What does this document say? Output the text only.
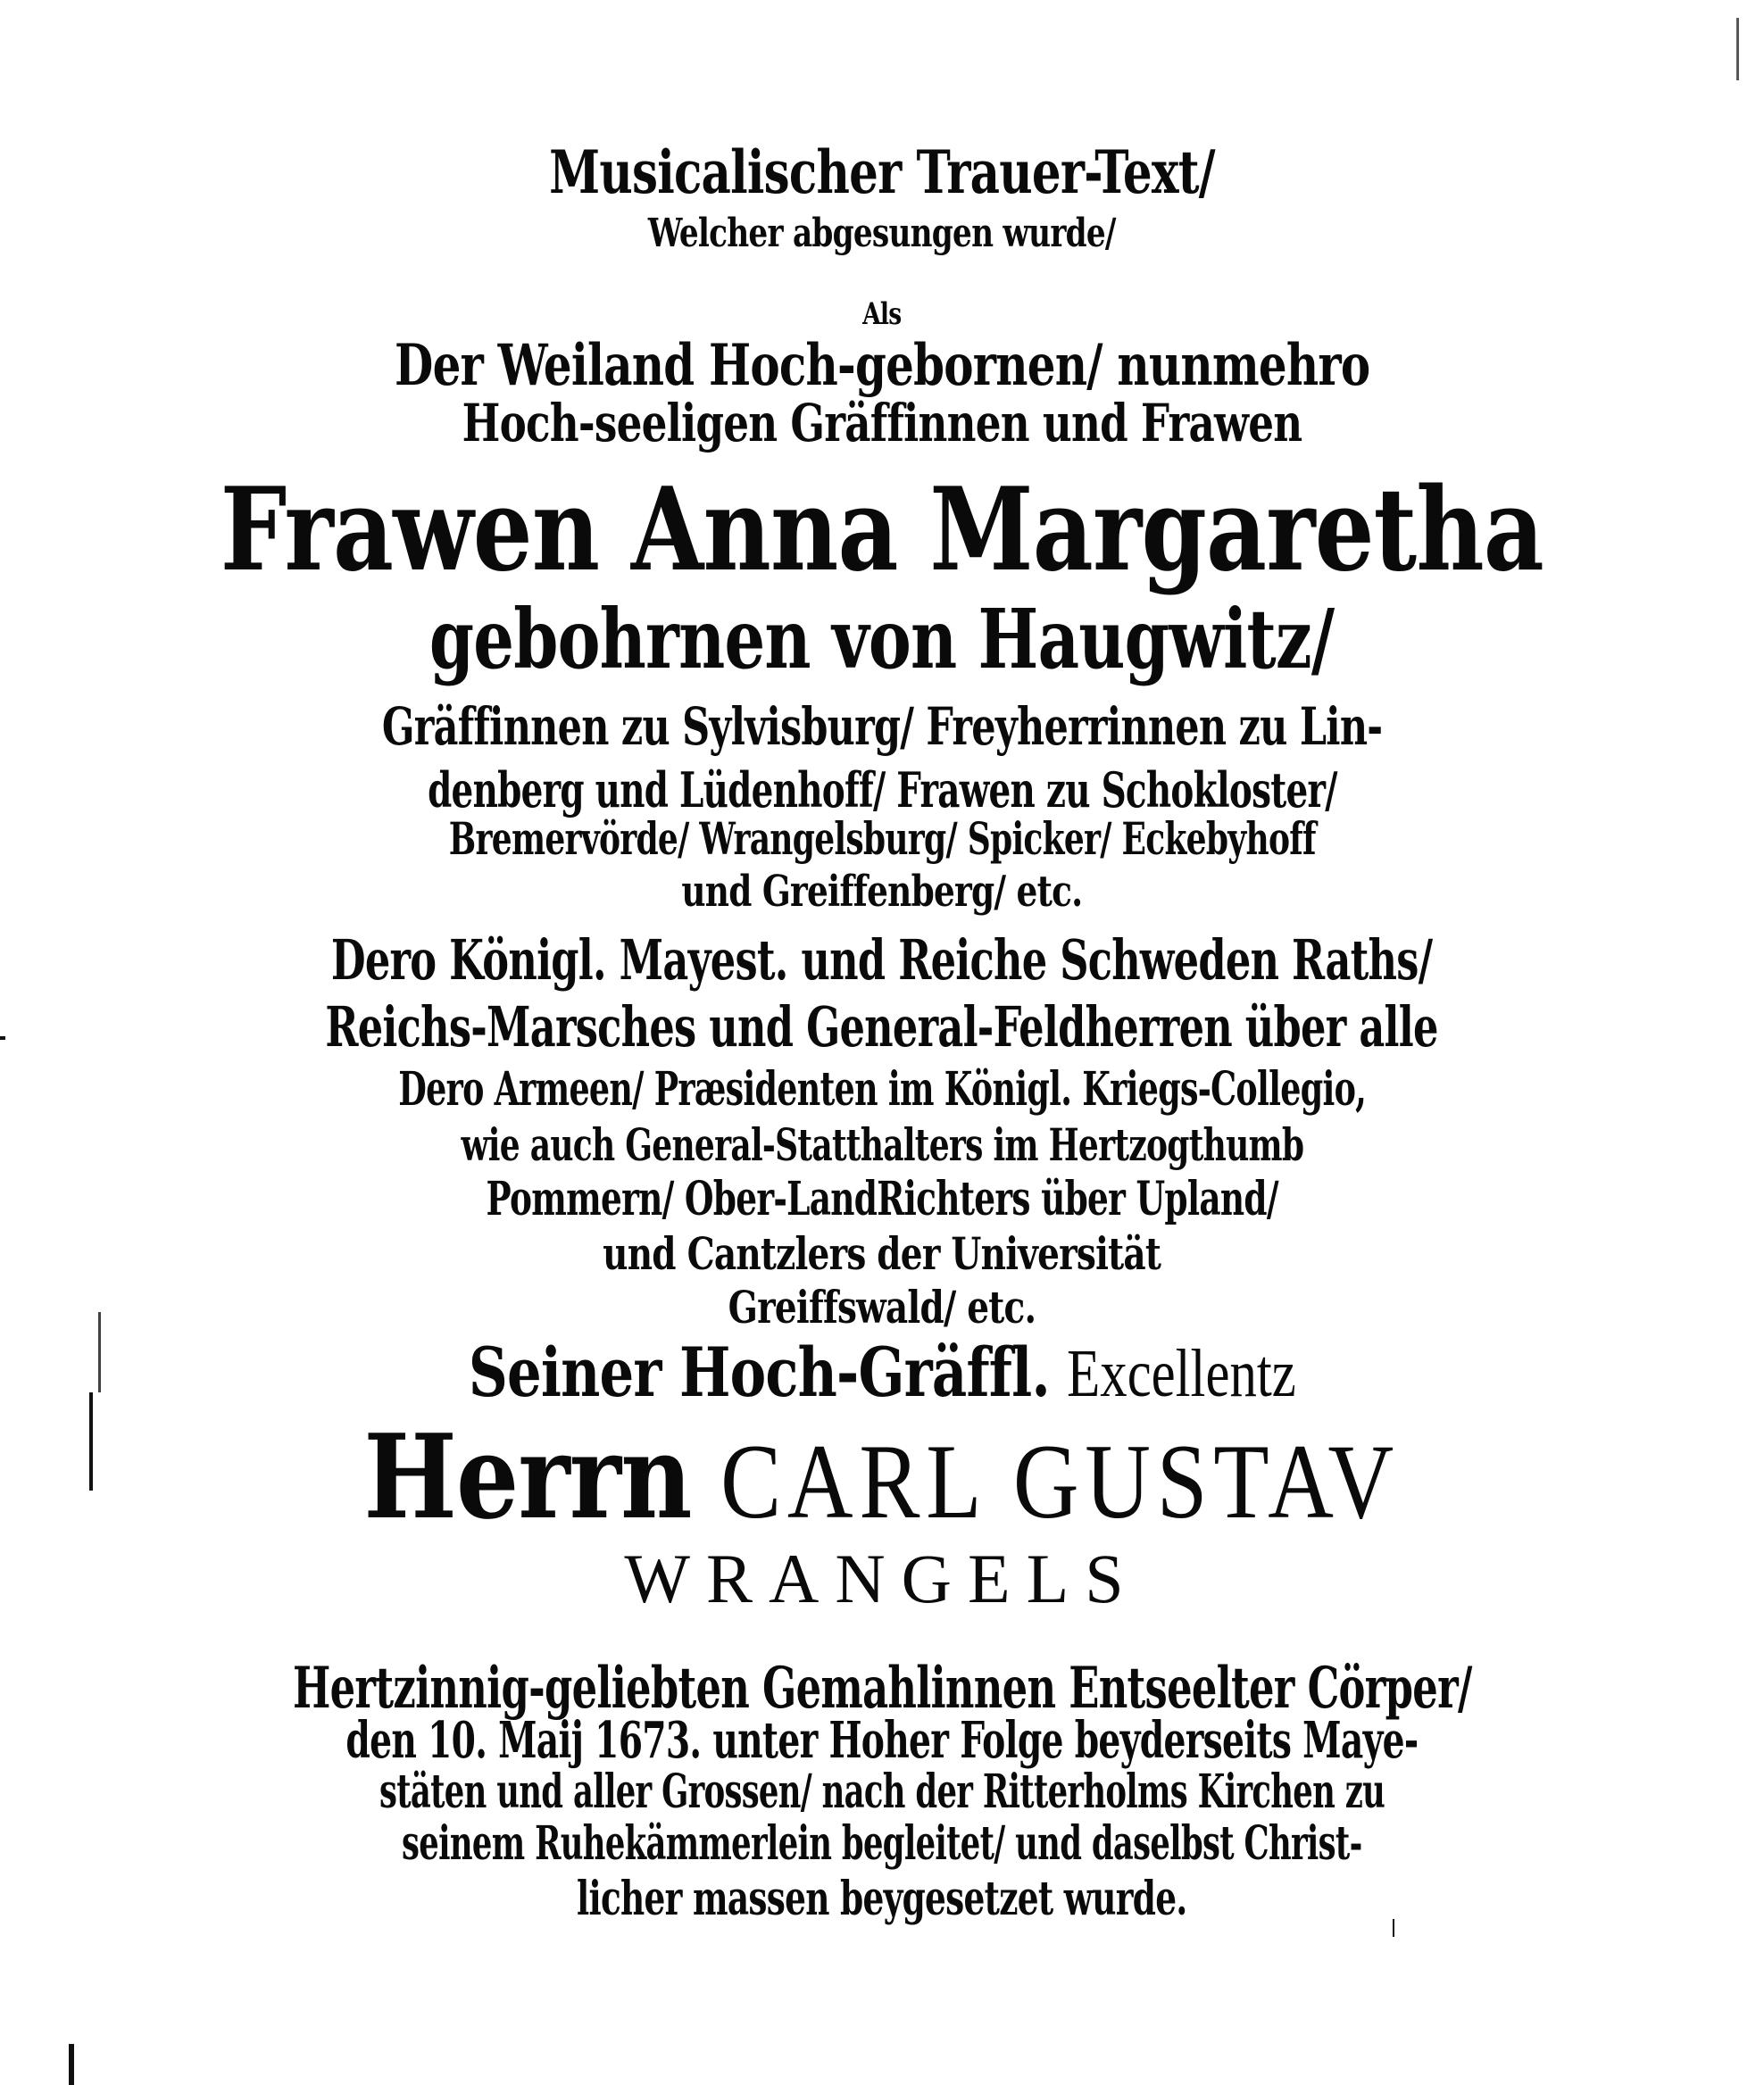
Musicalischer Trauer-Text/
Welcher abgesungen wurde/
Als
Der Weiland Hoch-gebornen/ nunmehro
Hoch-seeligen Gräffinnen und Frawen
Frawen Anna Margaretha
gebohrnen von Haugwitz/
Gräffinnen zu Sylvisburg/ Freyherrinnen zu Lin-
denberg und Lüdenhoff/ Frawen zu Schokloster/
Bremervörde/ Wrangelsburg/ Spicker/ Eckebyhoff
und Greiffenberg/ etc.
Dero Königl. Mayest. und Reiche Schweden Raths/
Reichs-Marsches und General-Feldherren über alle
Dero Armeen/ Præsidenten im Königl. Kriegs-Collegio,
wie auch General-Statthalters im Hertzogthumb
Pommern/ Ober-LandRichters über Upland/
und Cantzlers der Universität
Greiffswald/ etc.
Seiner Hoch-Gräffl. Excellentz
Herrn CARL GUSTAV
WRANGELS
Hertzinnig-geliebten Gemahlinnen Entseelter Cörper/
den 10. Maij 1673. unter Hoher Folge beyderseits Maye-
stäten und aller Grossen/ nach der Ritterholms Kirchen zu
seinem Ruhekämmerlein begleitet/ und daselbst Christ-
licher massen beygesetzet wurde.
